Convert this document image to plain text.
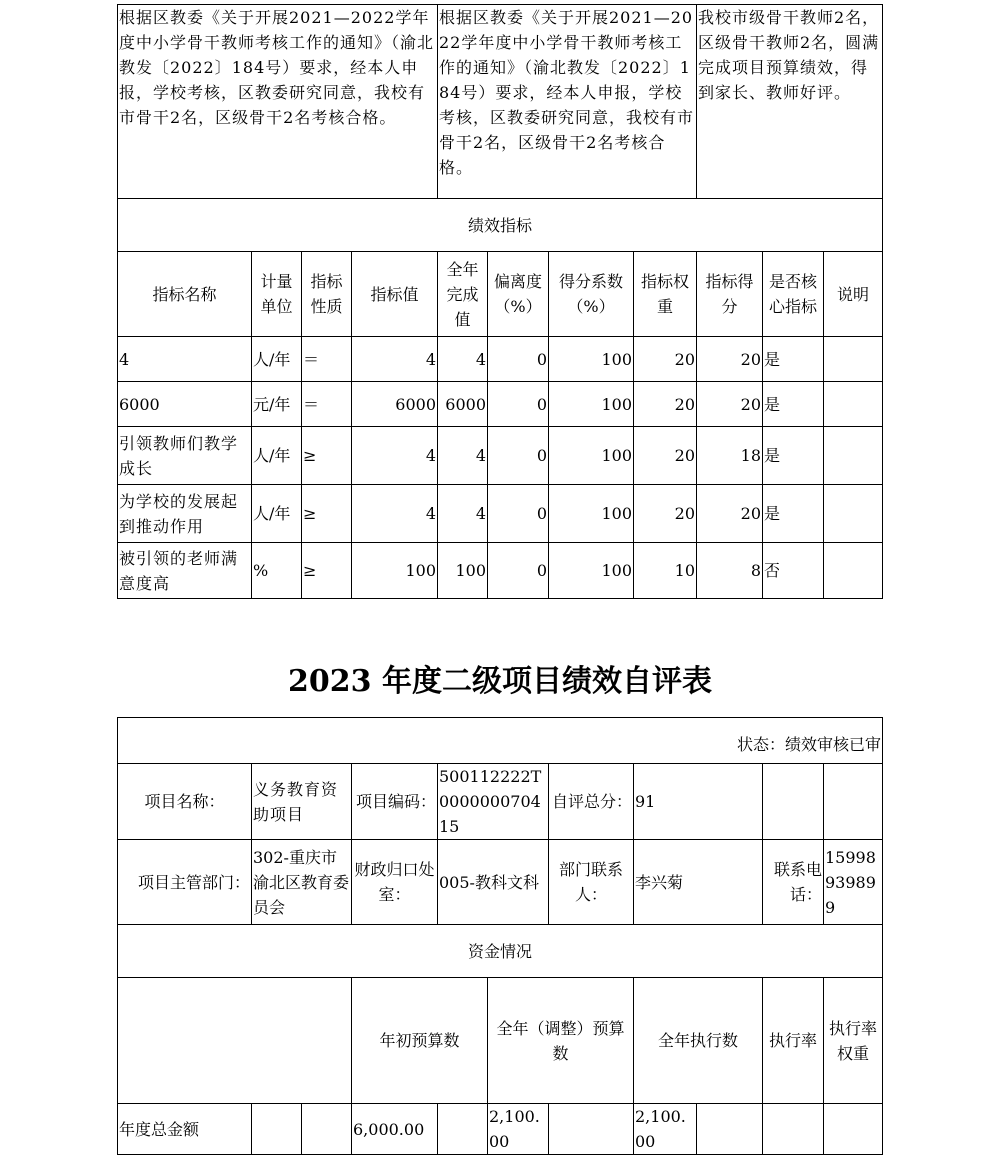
根据区教委《关于开展2021—2022学年度中小学骨干教师考核工作的通知》（渝北教发〔2022〕184号）要求，经本人申报，学校考核，区教委研究同意，我校有市骨干2名，区级骨干2名考核合格。				根据区教委《关于开展2021—2022学年度中小学骨干教师考核工作的通知》（渝北教发〔2022〕184号）要求，经本人申报，学校考核，区教委研究同意，我校有市骨干2名，区级骨干2名考核合格。				我校市级骨干教师2名，区级骨干教师2名，圆满完成项目预算绩效，得到家长、教师好评。		
绩效指标										
指标名称	计量单位	指标性质	指标值	全年完成值	偏离度（%）	得分系数（%）	指标权重	指标得分	是否核心指标	说明
4	人/年	＝	4	4	0	100	20	20	是	
6000	元/年	＝	6000	6000	0	100	20	20	是	
引领教师们教学成长	人/年	≥	4	4	0	100	20	18	是	
为学校的发展起到推动作用	人/年	≥	4	4	0	100	20	20	是	
被引领的老师满意度高	%	≥	100	100	0	100	10	8	否	
2023 年度二级项目绩效自评表
状态：绩效审核已审											
项目名称：	义务教育资助项目		项目编码：	500112222T000000070415		自评总分：	91				
项目主管部门：	302-重庆市渝北区教育委员会		财政归口处室：	005-教科文科		部门联系人：	李兴菊		联系电话：	15998939899	
资金情况											
			年初预算数		全年（调整）预算数		全年执行数		执行率	执行率权重	
年度总金额			6,000.00		2,100.00		2,100.00				
